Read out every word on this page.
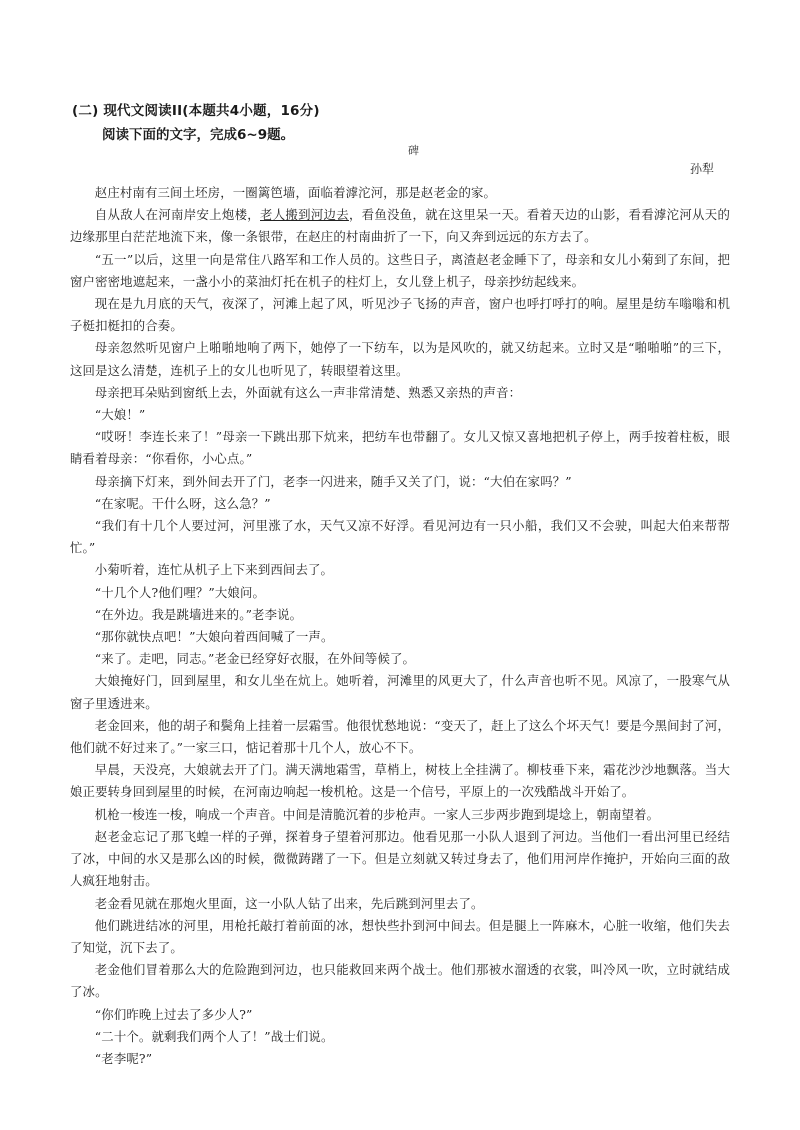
(二) 现代文阅读II(本题共4小题，16分)
阅读下面的文字，完成6~9题。
碑
孙犁

赵庄村南有三间土坯房，一圈篱笆墙，面临着滹沱河，那是赵老金的家。

自从敌人在河南岸安上炮楼，老人搬到河边去，看鱼没鱼，就在这里呆一天。看着天边的山影，看看滹沱河从天的边缘那里白茫茫地流下来，像一条银带，在赵庄的村南曲折了一下，向又奔到远远的东方去了。

“五一”以后，这里一向是常住八路军和工作人员的。这些日子，离渣赵老金睡下了，母亲和女儿小菊到了东间，把窗户密密地遮起来，一盏小小的菜油灯托在机子的柱灯上，女儿登上机子，母亲抄纺起线来。

现在是九月底的天气，夜深了，河滩上起了风，听见沙子飞扬的声音，窗户也呼打呼打的响。屋里是纺车嗡嗡和机子梃扣梃扣的合奏。

母亲忽然听见窗户上啪啪地响了两下，她停了一下纺车，以为是风吹的，就又纺起来。立时又是“啪啪啪”的三下，这回是这么清楚，连机子上的女儿也听见了，转眼望着这里。

母亲把耳朵贴到窗纸上去，外面就有这么一声非常清楚、熟悉又亲热的声音：

“大娘！”

“哎呀！李连长来了！”母亲一下跳出那下炕来，把纺车也带翻了。女儿又惊又喜地把机子停上，两手按着柱板，眼睛看着母亲：“你看你，小心点。”

母亲摘下灯来，到外间去开了门，老李一闪进来，随手又关了门，说：“大伯在家吗？”

“在家呢。干什么呀，这么急？”

“我们有十几个人要过河，河里涨了水，天气又凉不好浮。看见河边有一只小船，我们又不会驶，叫起大伯来帮帮忙。”

小菊听着，连忙从机子上下来到西间去了。

“十几个人?他们哩？”大娘问。

“在外边。我是跳墙进来的。”老李说。

“那你就快点吧！”大娘向着西间喊了一声。

“来了。走吧，同志。”老金已经穿好衣服，在外间等候了。

大娘掩好门，回到屋里，和女儿坐在炕上。她听着，河滩里的风更大了，什么声音也听不见。风凉了，一股寒气从窗子里透进来。

老金回来，他的胡子和鬓角上挂着一层霜雪。他很忧愁地说：“变天了，赶上了这么个坏天气！要是今黑间封了河，他们就不好过来了。”一家三口，惦记着那十几个人，放心不下。

早晨，天没亮，大娘就去开了门。满天满地霜雪，草梢上，树枝上全挂满了。柳枝垂下来，霜花沙沙地飘落。当大娘正要转身回到屋里的时候，在河南边响起一梭机枪。这是一个信号，平原上的一次残酷战斗开始了。

机枪一梭连一梭，响成一个声音。中间是清脆沉着的步枪声。一家人三步两步跑到堤埝上，朝南望着。

赵老金忘记了那飞蝗一样的子弹，探着身子望着河那边。他看见那一小队人退到了河边。当他们一看出河里已经结了冰，中间的水又是那么凶的时候，微微踌躇了一下。但是立刻就又转过身去了，他们用河岸作掩护，开始向三面的敌人疯狂地射击。

老金看见就在那炮火里面，这一小队人钻了出来，先后跳到河里去了。

他们跳进结冰的河里，用枪托敲打着前面的冰，想快些扑到河中间去。但是腿上一阵麻木，心脏一收缩，他们失去了知觉，沉下去了。

老金他们冒着那么大的危险跑到河边，也只能救回来两个战士。他们那被水溜透的衣裳，叫冷风一吹，立时就结成了冰。

“你们昨晚上过去了多少人?”

“二十个。就剩我们两个人了！”战士们说。

“老李呢?”
